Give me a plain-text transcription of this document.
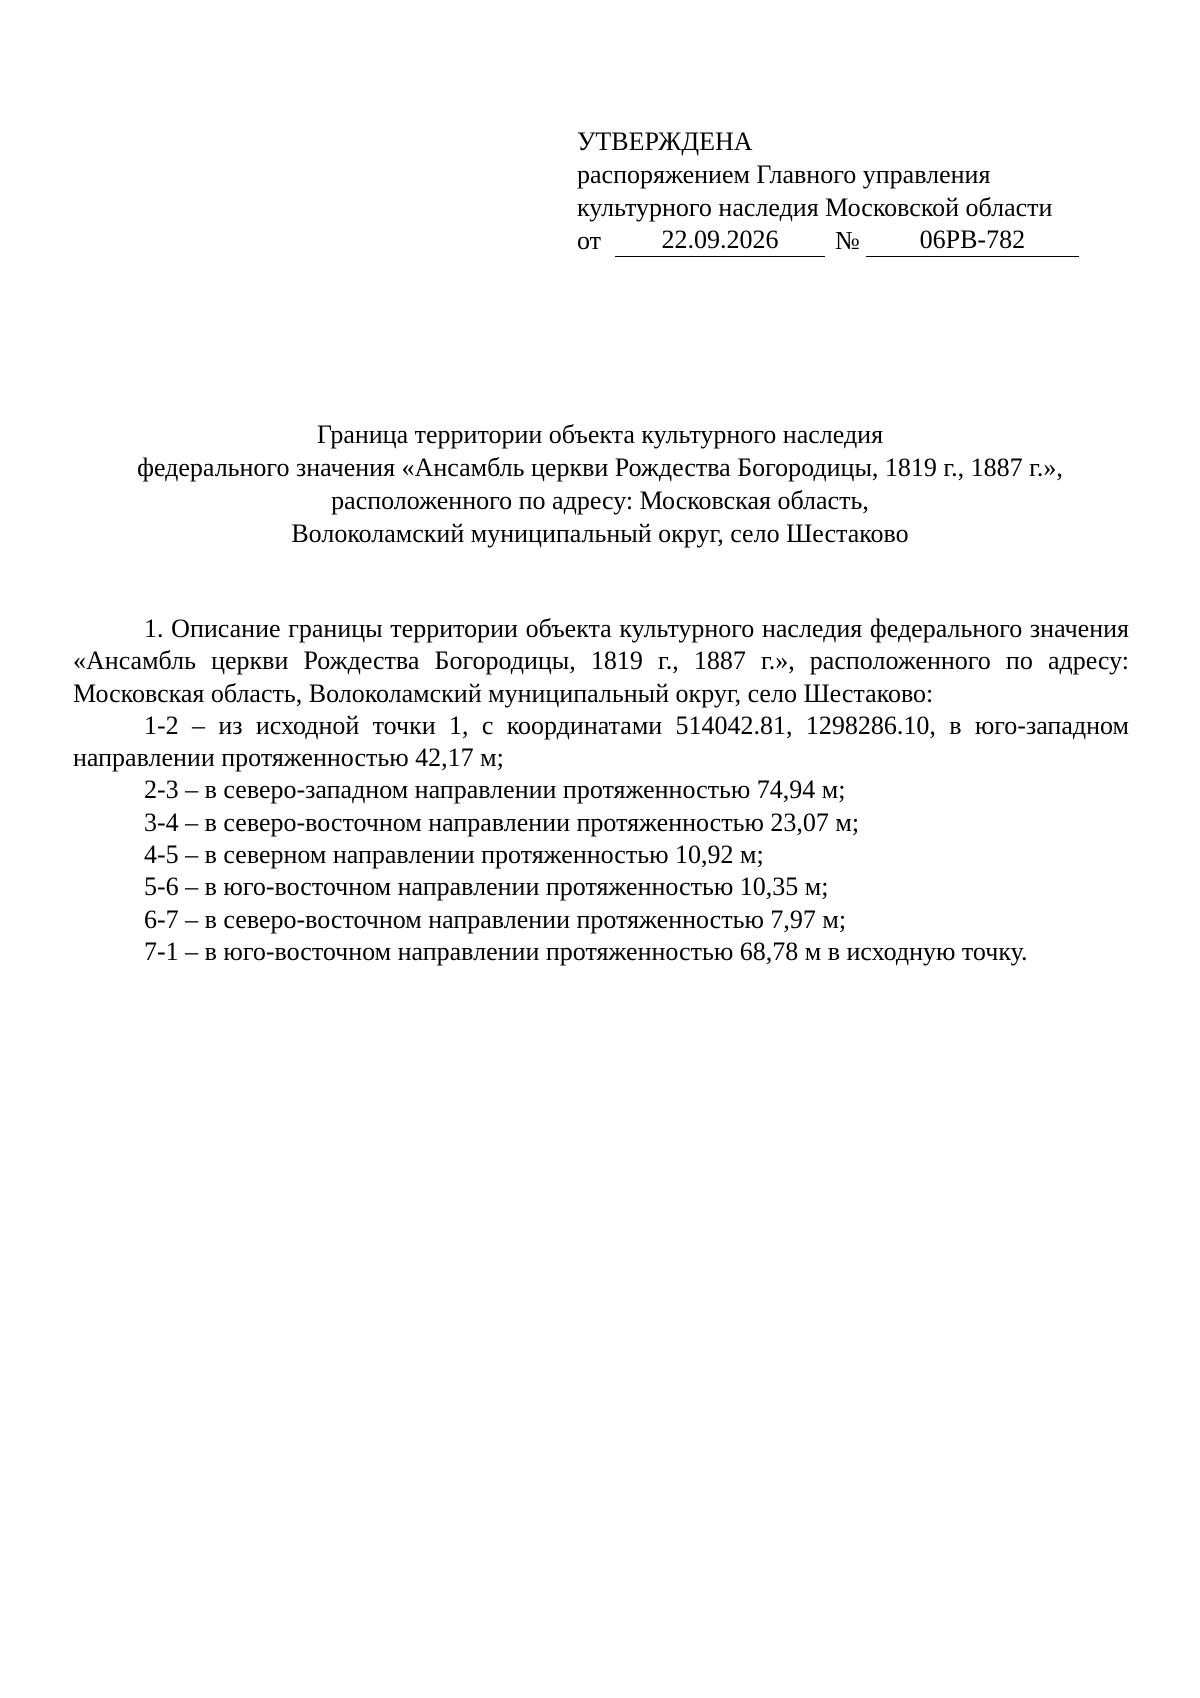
УТВЕРЖДЕНА
распоряжением Главного управления
культурного наследия Московской области
от	22.09.2026	№	06РВ-782
Граница территории объекта культурного наследия
федерального значения «Ансамбль церкви Рождества Богородицы, 1819 г., 1887 г.»,
расположенного по адресу: Московская область,
Волоколамский муниципальный округ, село Шестаково

1. Описание границы территории объекта культурного наследия федерального значения «Ансамбль церкви Рождества Богородицы, 1819 г., 1887 г.», расположенного по адресу: Московская область, Волоколамский муниципальный округ, село Шестаково:

1-2 – из исходной точки 1, с координатами 514042.81, 1298286.10, в юго-западном направлении протяженностью 42,17 м;

2-3 – в северо-западном направлении протяженностью 74,94 м;

3-4 – в северо-восточном направлении протяженностью 23,07 м;

4-5 – в северном направлении протяженностью 10,92 м;

5-6 – в юго-восточном направлении протяженностью 10,35 м;

6-7 – в северо-восточном направлении протяженностью 7,97 м;

7-1 – в юго-восточном направлении протяженностью 68,78 м в исходную точку.
